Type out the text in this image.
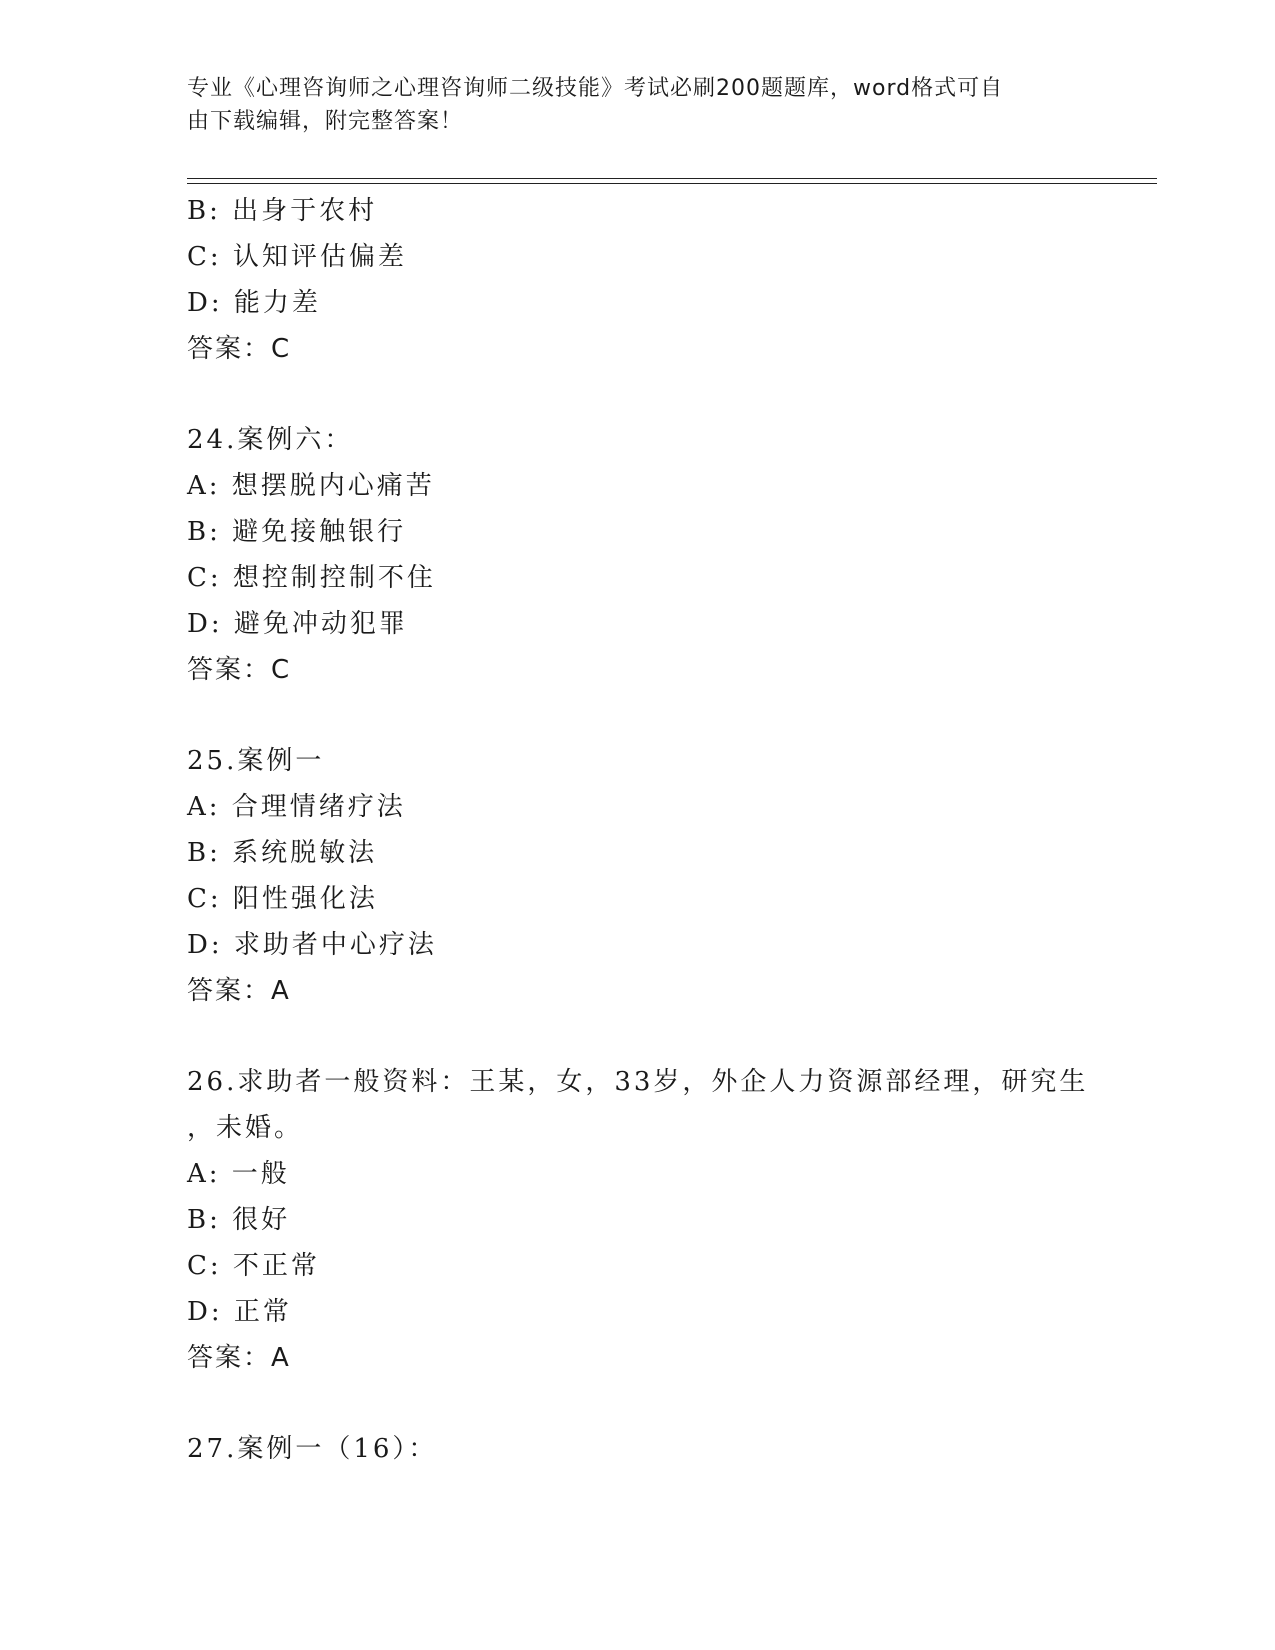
专业《心理咨询师之心理咨询师二级技能》考试必刷200题题库，word格式可自
由下载编辑，附完整答案！
B: 出身于农村
C: 认知评估偏差
D: 能力差
答案：C
24.案例六：
A: 想摆脱内心痛苦
B: 避免接触银行
C: 想控制控制不住
D: 避免冲动犯罪
答案：C
25.案例一
A: 合理情绪疗法
B: 系统脱敏法
C: 阳性强化法
D: 求助者中心疗法
答案：A
26.求助者一般资料：王某，女，33岁，外企人力资源部经理，研究生
，未婚。
A: 一般
B: 很好
C: 不正常
D: 正常
答案：A
27.案例一（16）：
